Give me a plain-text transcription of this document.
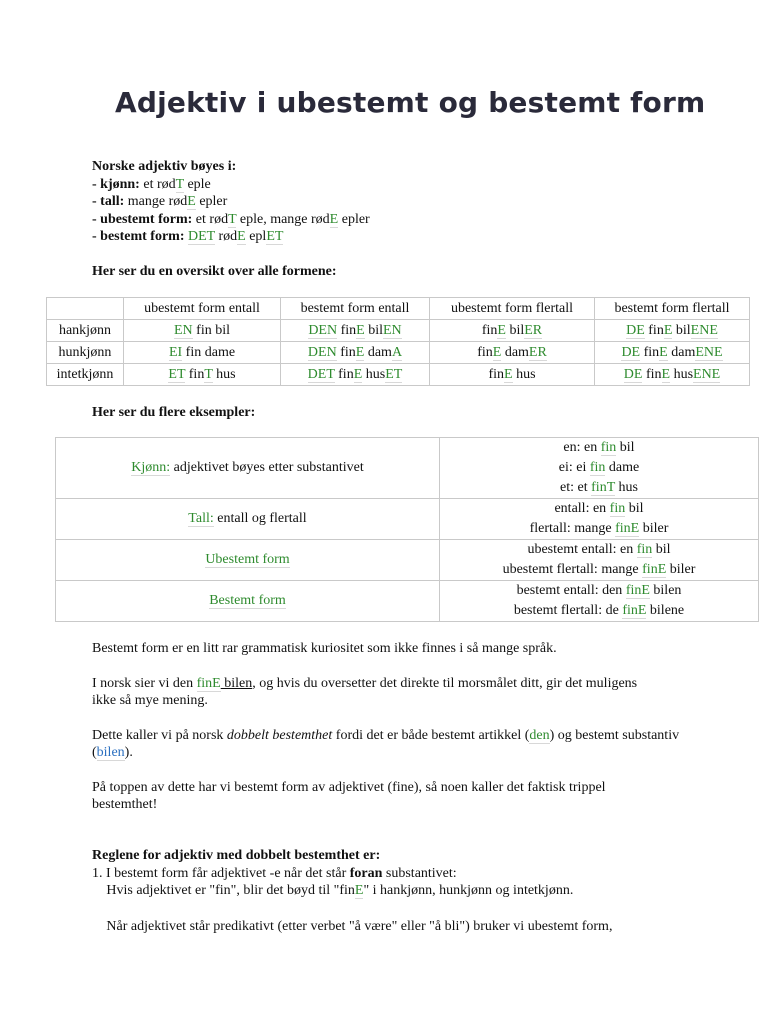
Adjektiv i ubestemt og bestemt form
Norske adjektiv bøyes i:
- kjønn: et rødT eple
- tall: mange rødE epler
- ubestemt form: et rødT eple, mange rødE epler
- bestemt form: DET rødE eplET
Her ser du en oversikt over alle formene:
	ubestemt form entall	bestemt form entall	ubestemt form flertall	bestemt form flertall
hankjønn	EN fin bil	DEN finE bilEN	finE bilER	DE finE bilENE
hunkjønn	EI fin dame	DEN finE damA	finE damER	DE finE damENE
intetkjønn	ET finT hus	DET finE husET	finE hus	DE finE husENE
Her ser du flere eksempler:
Kjønn: adjektivet bøyes etter substantivet	en: en fin bil
ei: ei fin dame
et: et finT hus

Tall: entall og flertall	entall: en fin bil
flertall: mange finE biler

Ubestemt form	ubestemt entall: en fin bil
ubestemt flertall: mange finE biler

Bestemt form	bestemt entall: den finE bilen
bestemt flertall: de finE bilene
Bestemt form er en litt rar grammatisk kuriositet som ikke finnes i så mange språk.
I norsk sier vi den finE bilen, og hvis du oversetter det direkte til morsmålet ditt, gir det muligens ikke så mye mening.
Dette kaller vi på norsk dobbelt bestemthet fordi det er både bestemt artikkel (den) og bestemt substantiv (bilen).
På toppen av dette har vi bestemt form av adjektivet (fine), så noen kaller det faktisk trippel bestemthet!
Reglene for adjektiv med dobbelt bestemthet er:
1. I bestemt form får adjektivet -e når det står foran substantivet:
Hvis adjektivet er "fin", blir det bøyd til "finE" i hankjønn, hunkjønn og intetkjønn.
Når adjektivet står predikativt (etter verbet "å være" eller "å bli") bruker vi ubestemt form,
